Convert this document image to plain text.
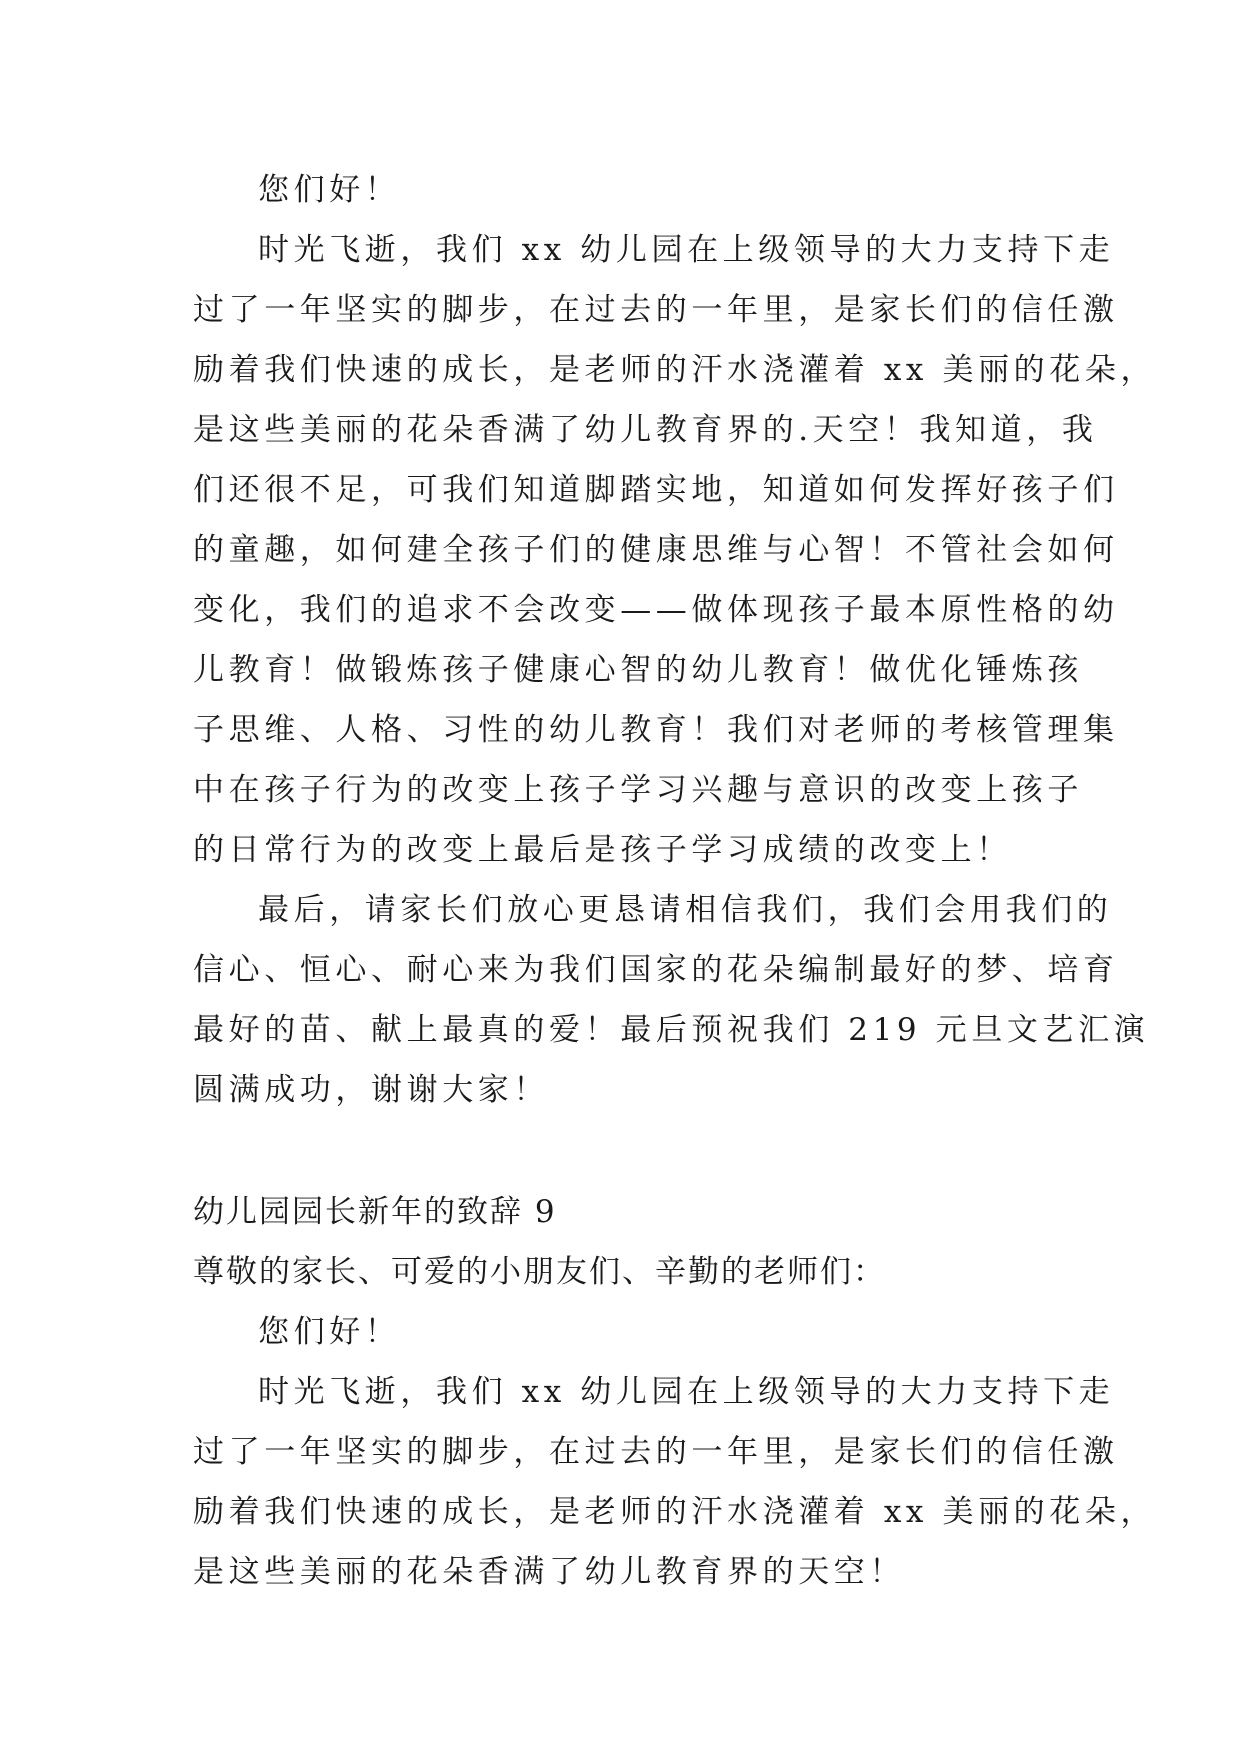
您们好！
时光飞逝，我们 xx 幼儿园在上级领导的大力支持下走
过了一年坚实的脚步，在过去的一年里，是家长们的信任激
励着我们快速的成长，是老师的汗水浇灌着 xx 美丽的花朵，
是这些美丽的花朵香满了幼儿教育界的.天空！我知道，我
们还很不足，可我们知道脚踏实地，知道如何发挥好孩子们
的童趣，如何建全孩子们的健康思维与心智！不管社会如何
变化，我们的追求不会改变——做体现孩子最本原性格的幼
儿教育！做锻炼孩子健康心智的幼儿教育！做优化锤炼孩
子思维、人格、习性的幼儿教育！我们对老师的考核管理集
中在孩子行为的改变上孩子学习兴趣与意识的改变上孩子
的日常行为的改变上最后是孩子学习成绩的改变上！
最后，请家长们放心更恳请相信我们，我们会用我们的
信心、恒心、耐心来为我们国家的花朵编制最好的梦、培育
最好的苗、献上最真的爱！最后预祝我们 219 元旦文艺汇演
圆满成功，谢谢大家！
幼儿园园长新年的致辞 9
尊敬的家长、可爱的小朋友们、辛勤的老师们：
您们好！
时光飞逝，我们 xx 幼儿园在上级领导的大力支持下走
过了一年坚实的脚步，在过去的一年里，是家长们的信任激
励着我们快速的成长，是老师的汗水浇灌着 xx 美丽的花朵，
是这些美丽的花朵香满了幼儿教育界的天空！
